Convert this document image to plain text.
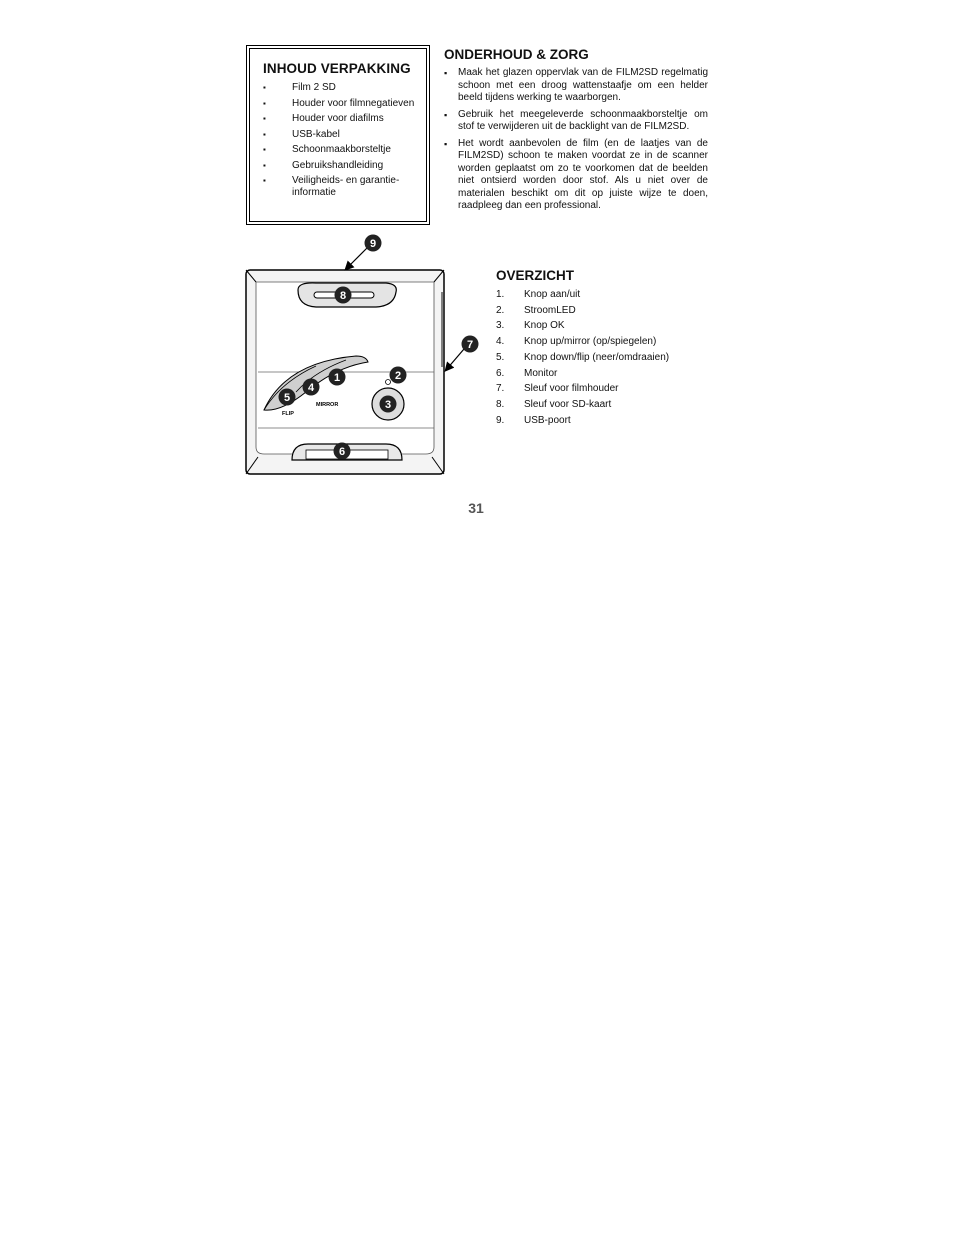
INHOUD VERPAKKING
▪ Film 2 SD
▪ Houder voor filmnegatieven
▪ Houder voor diafilms
▪ USB-kabel
▪ Schoonmaakborsteltje
▪ Gebruikshandleiding
▪ Veiligheids- en garantie-informatie
ONDERHOUD & ZORG
▪ Maak het glazen oppervlak van de FILM2SD regelmatig schoon met een droog wattenstaafje om een helder beeld tijdens werking te waarborgen.
▪ Gebruik het meegeleverde schoonmaakborsteltje om stof te verwijderen uit de backlight van de FILM2SD.
▪ Het wordt aanbevolen de film (en de laatjes van de FILM2SD) schoon te maken voordat ze in de scanner worden geplaatst om zo te voorkomen dat de beelden niet ontsierd worden door stof. Als u niet over de materialen beschikt om dit op juiste wijze te doen, raadpleeg dan een professional.
MIRROR
FLIP
9
8
7
1	2
4
5
3
6
OVERZICHT
1.	Knop aan/uit
2.	StroomLED
3.	Knop OK
4.	Knop up/mirror (op/spiegelen)
5.	Knop down/flip (neer/omdraaien)
6.	Monitor
7.	Sleuf voor filmhouder
8.	Sleuf voor SD-kaart
9.	USB-poort
31
